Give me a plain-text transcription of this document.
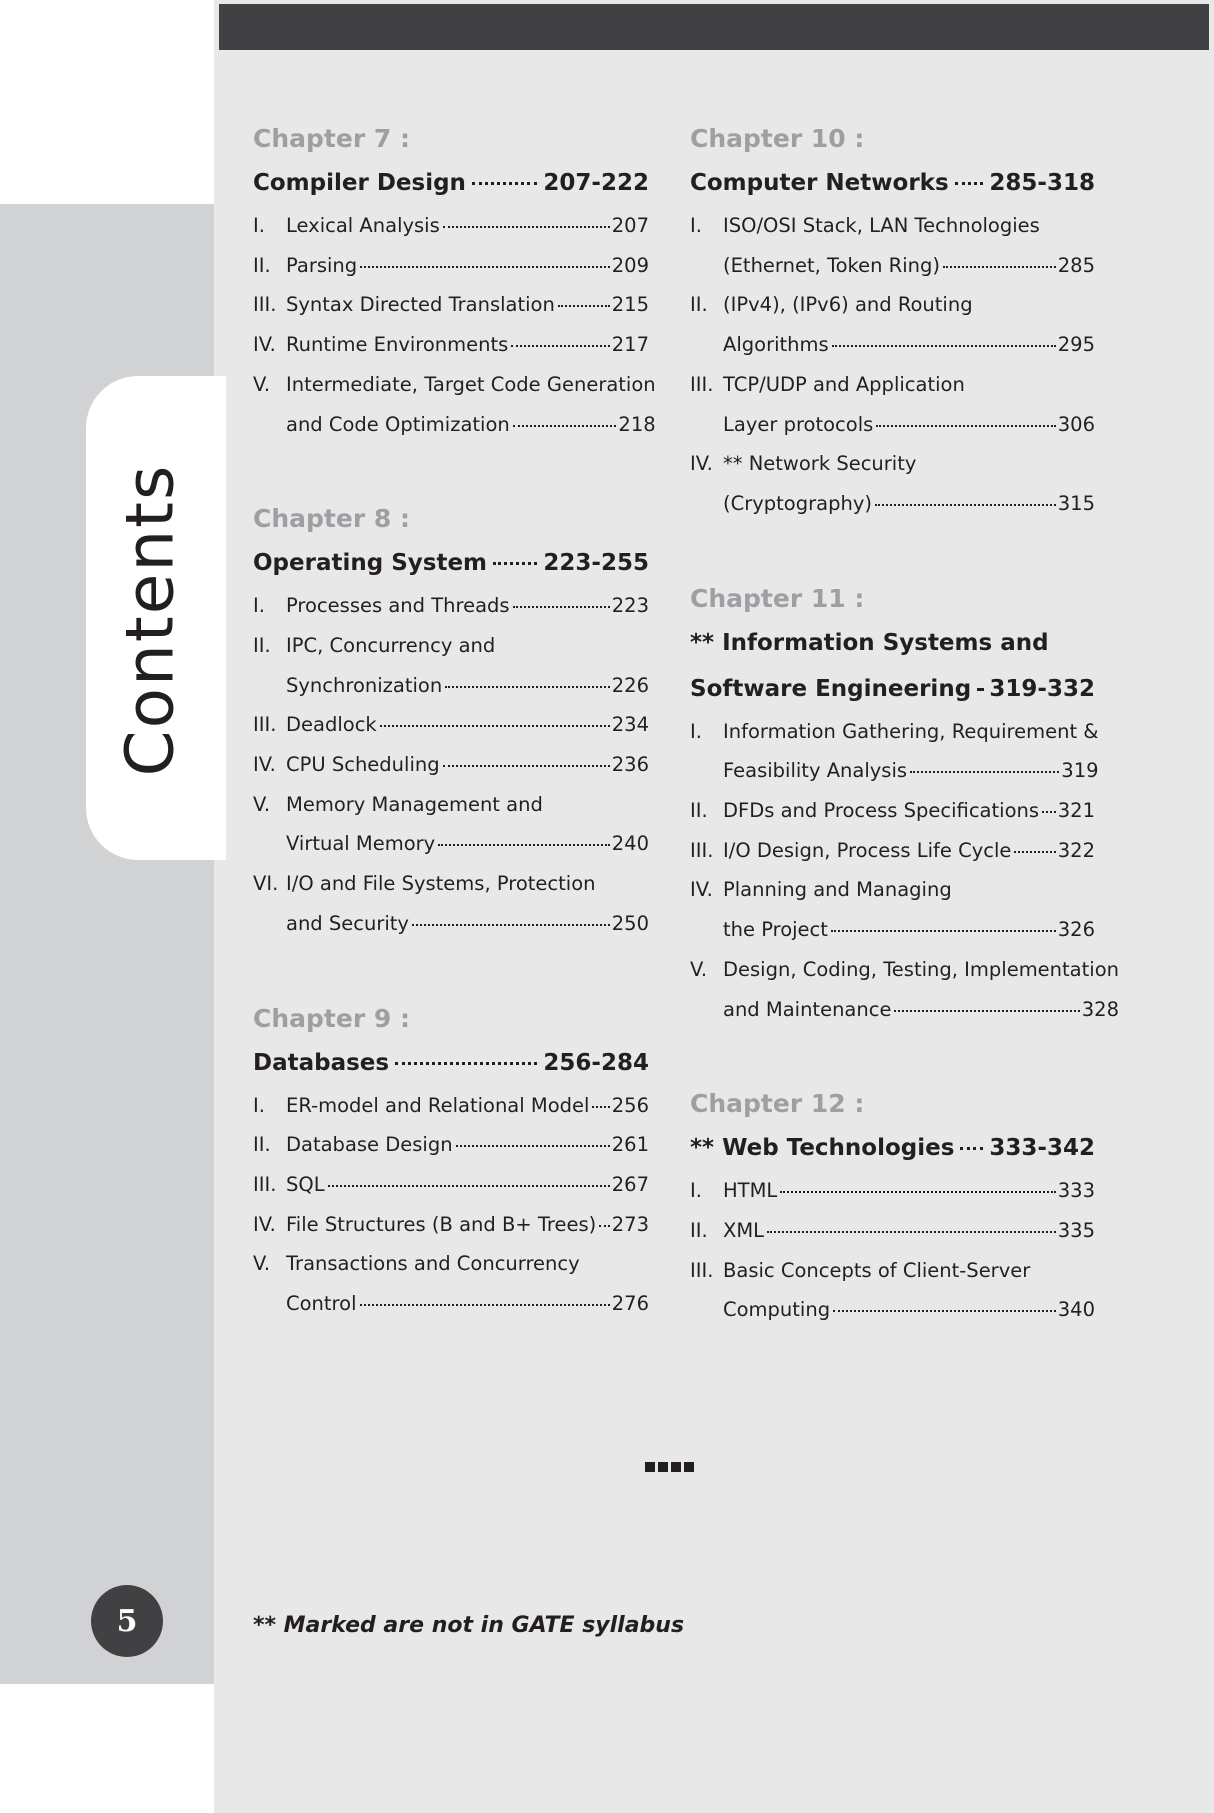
Contents
5
Chapter 7 :
Compiler Design	207-222
I.	Lexical Analysis	207
II. Parsing	209
III. Syntax Directed Translation	215
IV. Runtime Environments	217
V. Intermediate, Target Code Generation
and Code Optimization	218
Chapter 8 :
Operating System 223-255
I.	Processes and Threads	223
II. IPC, Concurrency and
Synchronization	226
III. Deadlock	234
IV. CPU Scheduling	236
V. Memory Management and
Virtual Memory	240
VI. I/O and File Systems, Protection
and Security	250
Chapter 9 :
Databases	256-284
I.	ER-model and Relational Model 256
II. Database Design	261
III. SQL	267
IV. File Structures (B and B+ Trees) 273
V. Transactions and Concurrency
Control	276
Chapter 10 :
Computer Networks 285-318
I.	ISO/OSI Stack, LAN Technologies
(Ethernet, Token Ring)	285
II. (IPv4), (IPv6) and Routing
Algorithms	295
III. TCP/UDP and Application
Layer protocols	306
IV. ** Network Security
(Cryptography)	315
Chapter 11 :
** Information Systems and
Software Engineering 319-332
I.	Information Gathering, Requirement &
Feasibility Analysis	319
II. DFDs and Process Specifications 321
III. I/O Design, Process Life Cycle 322
IV. Planning and Managing
the Project	326
V. Design, Coding, Testing, Implementation
and Maintenance	328
Chapter 12 :
** Web Technologies 333-342
I.	HTML	333
II. XML	335
III. Basic Concepts of Client-Server
Computing	340
** Marked are not in GATE syllabus
